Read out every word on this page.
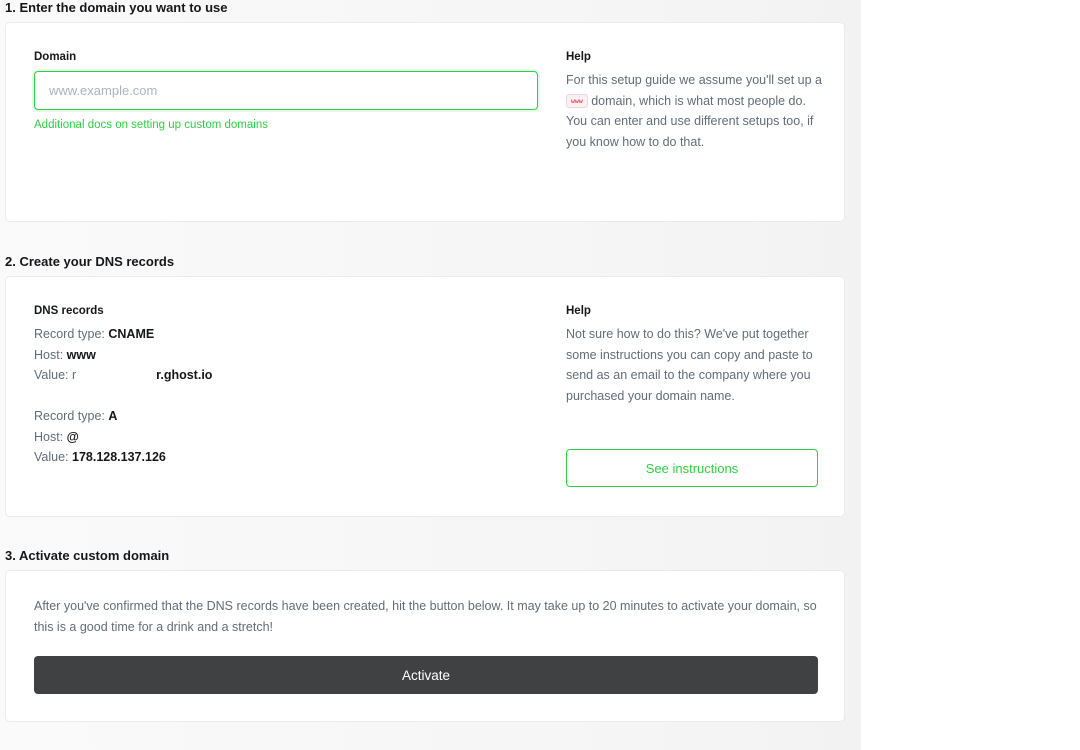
1. Enter the domain you want to use
Domain
www.example.com
Additional docs on setting up custom domains
Help
For this setup guide we assume you'll set up a www domain, which is what most people do. You can enter and use different setups too, if you know how to do that.
2. Create your DNS records
DNS records
Record type: CNAME
Host: www
Value: r	r.ghost.io
Record type: A
Host: @
Value: 178.128.137.126
Help
Not sure how to do this? We've put together some instructions you can copy and paste to send as an email to the company where you purchased your domain name.
See instructions
3. Activate custom domain
After you've confirmed that the DNS records have been created, hit the button below. It may take up to 20 minutes to activate your domain, so this is a good time for a drink and a stretch!
Activate
